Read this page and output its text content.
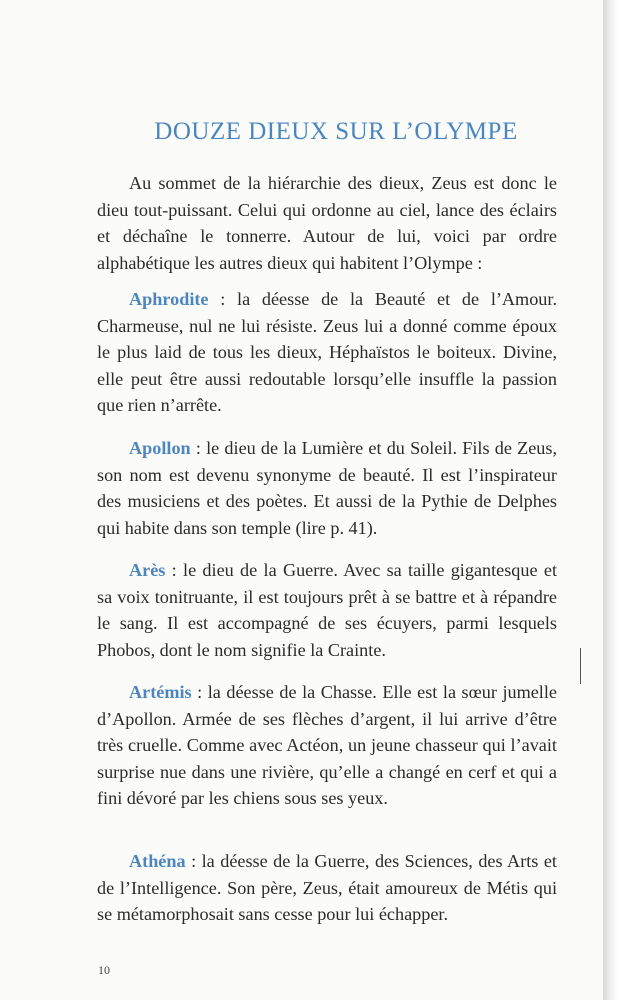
DOUZE DIEUX SUR L’OLYMPE

Au sommet de la hiérarchie des dieux, Zeus est donc le dieu tout-puissant. Celui qui ordonne au ciel, lance des éclairs et déchaîne le tonnerre. Autour de lui, voici par ordre alphabétique les autres dieux qui habitent l’Olympe :

Aphrodite : la déesse de la Beauté et de l’Amour. Charmeuse, nul ne lui résiste. Zeus lui a donné comme époux le plus laid de tous les dieux, Héphaïstos le boiteux. Divine, elle peut être aussi redoutable lorsqu’elle insuffle la passion que rien n’arrête.

Apollon : le dieu de la Lumière et du Soleil. Fils de Zeus, son nom est devenu synonyme de beauté. Il est l’inspirateur des musiciens et des poètes. Et aussi de la Pythie de Delphes qui habite dans son temple (lire p. 41).

Arès : le dieu de la Guerre. Avec sa taille gigantesque et sa voix tonitruante, il est toujours prêt à se battre et à répandre le sang. Il est accompagné de ses écuyers, parmi lesquels Phobos, dont le nom signifie la Crainte.

Artémis : la déesse de la Chasse. Elle est la sœur jumelle d’Apollon. Armée de ses flèches d’argent, il lui arrive d’être très cruelle. Comme avec Actéon, un jeune chasseur qui l’avait surprise nue dans une rivière, qu’elle a changé en cerf et qui a fini dévoré par les chiens sous ses yeux.

Athéna : la déesse de la Guerre, des Sciences, des Arts et de l’Intelligence. Son père, Zeus, était amoureux de Métis qui se métamorphosait sans cesse pour lui échapper.

10
